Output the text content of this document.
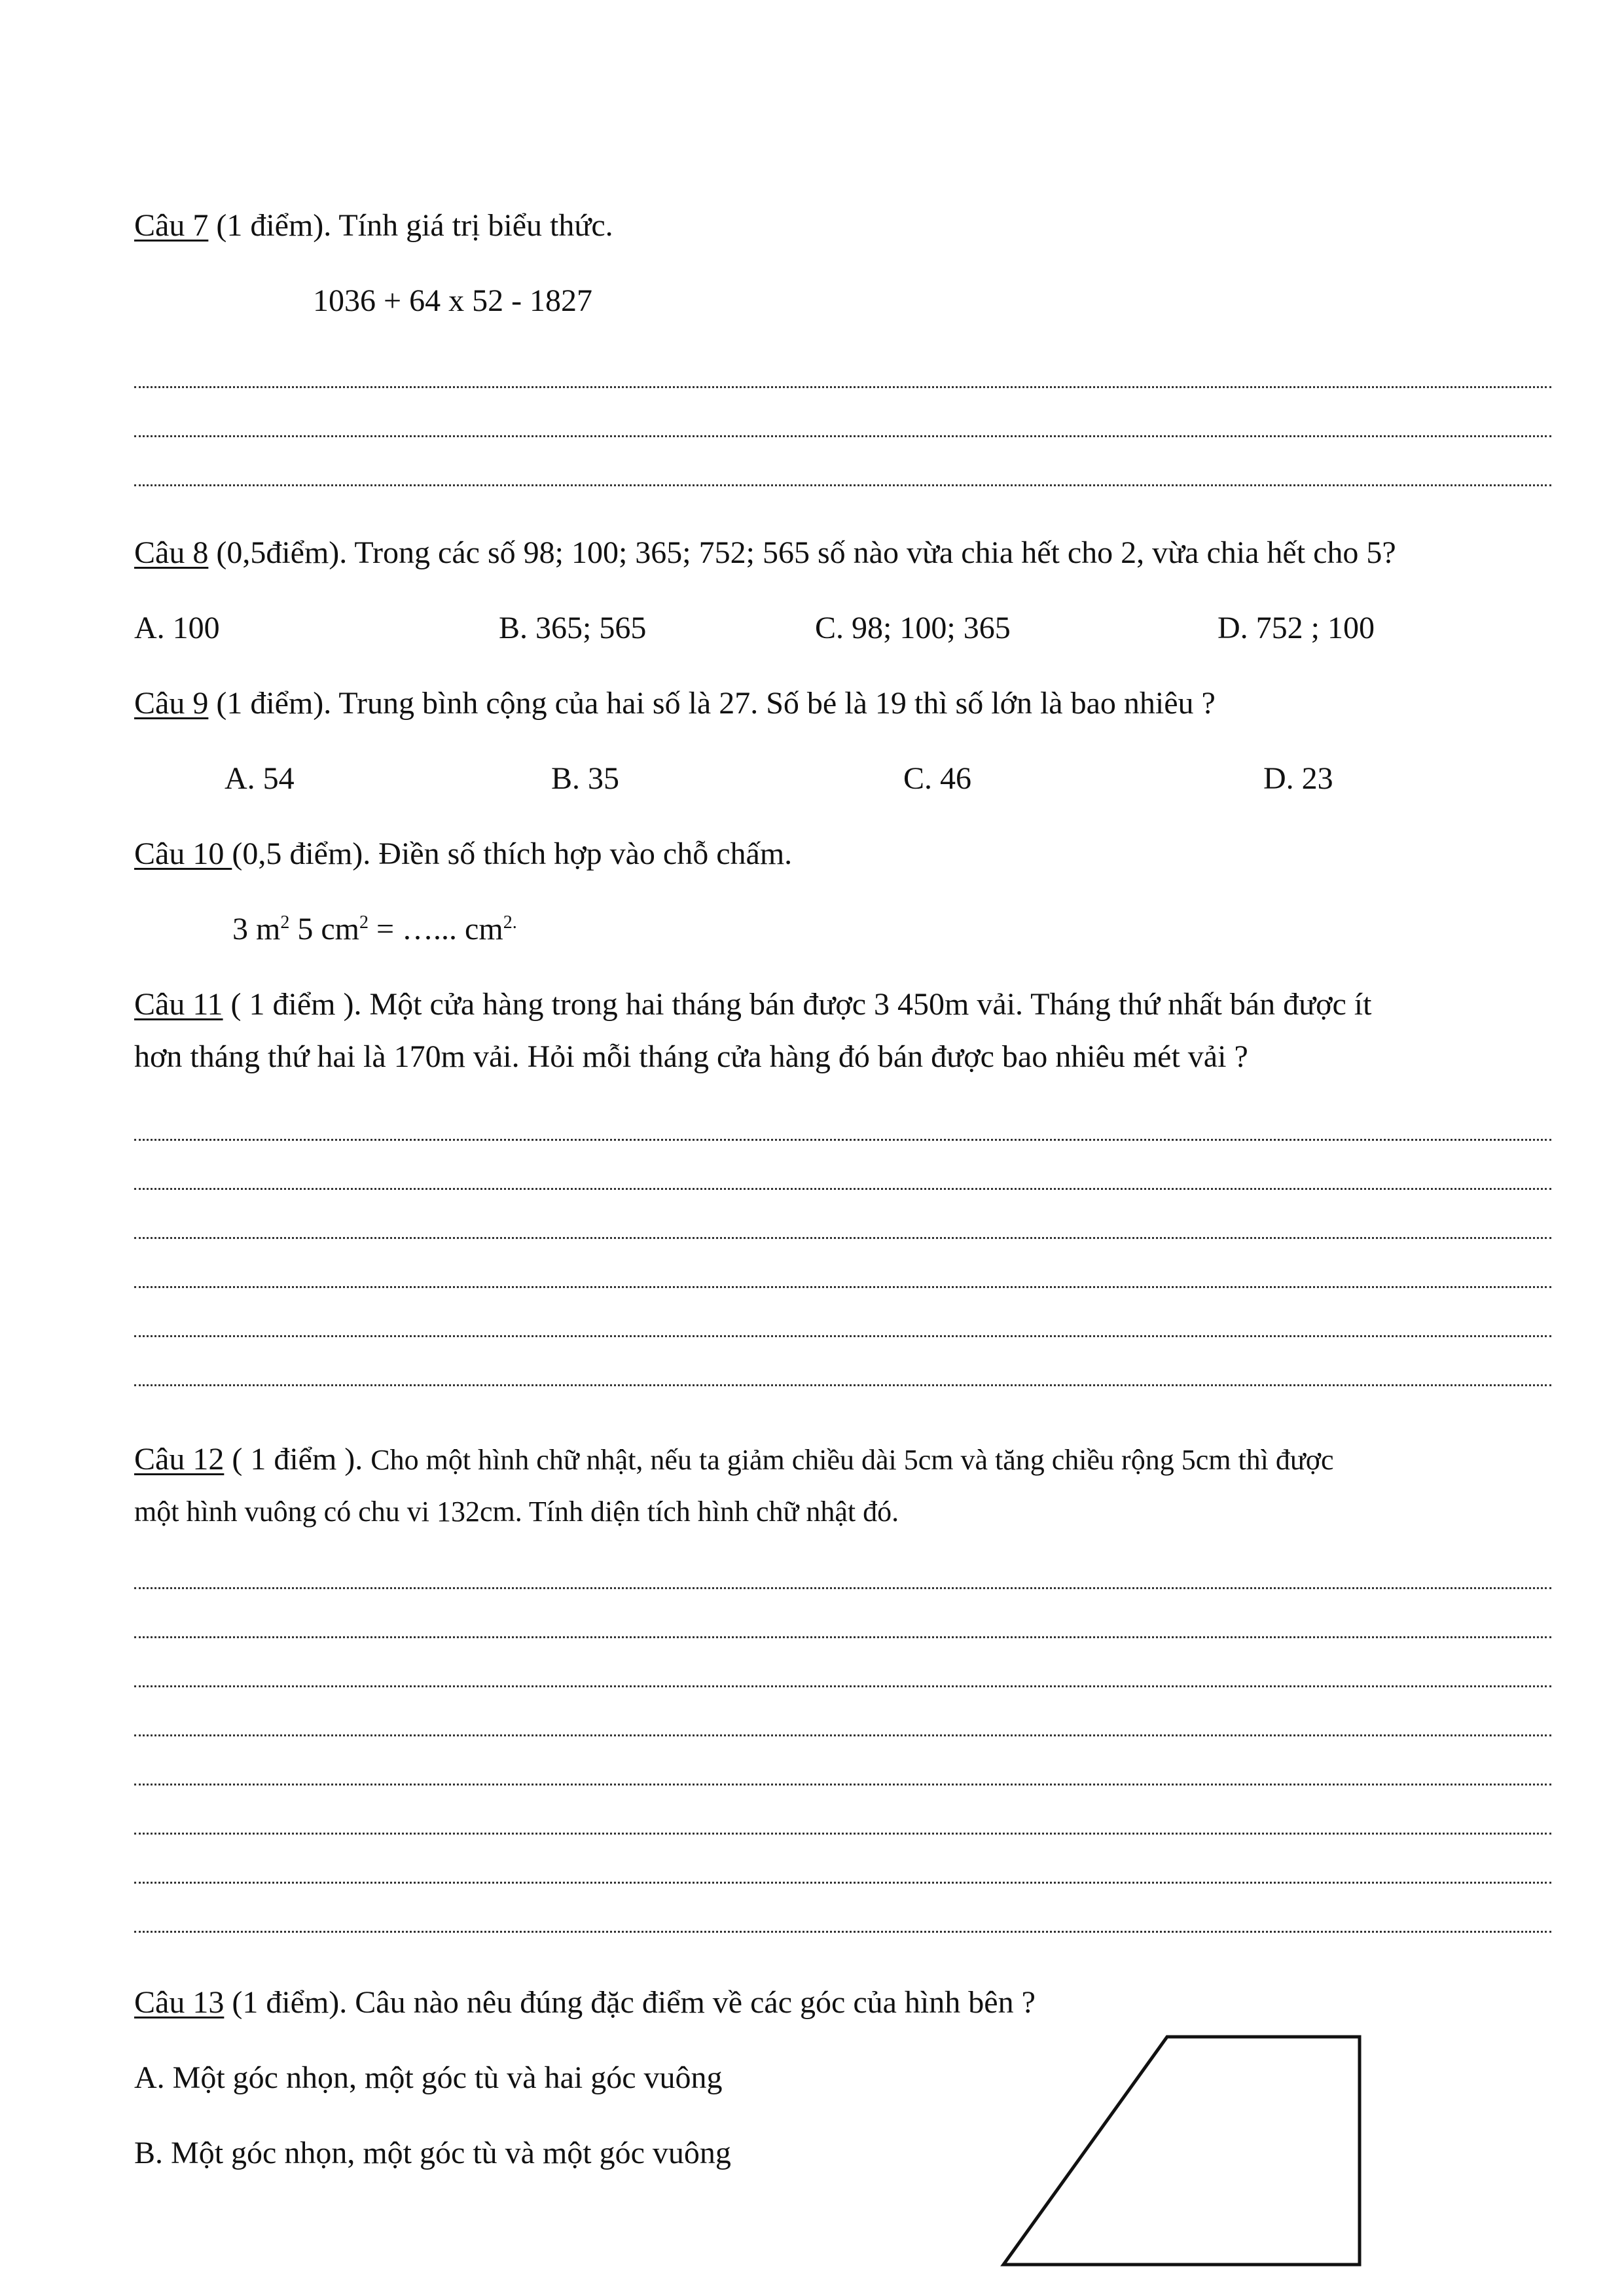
Câu 7 (1 điểm). Tính giá trị biểu thức.
1036 + 64 x 52 - 1827
Câu 8 (0,5điểm). Trong các số 98; 100; 365; 752; 565 số nào vừa chia hết cho 2, vừa chia hết cho 5?
A. 100	B. 365; 565	C. 98; 100; 365	D. 752 ; 100
Câu 9 (1 điểm). Trung bình cộng của hai số là 27. Số bé là 19 thì số lớn là bao nhiêu ?
A. 54	B. 35	C. 46	D. 23
Câu 10 (0,5 điểm). Điền số thích hợp vào chỗ chấm.
3 $m^2$ 5 $cm^2$ = …... $cm^{2.}$
Câu 11 ( 1 điểm ). Một cửa hàng trong hai tháng bán được 3 450m vải. Tháng thứ nhất bán được ít
hơn tháng thứ hai là 170m vải. Hỏi mỗi tháng cửa hàng đó bán được bao nhiêu mét vải ?
Câu 12 ( 1 điểm ). Cho một hình chữ nhật, nếu ta giảm chiều dài 5cm và tăng chiều rộng 5cm thì được
một hình vuông có chu vi 132cm. Tính diện tích hình chữ nhật đó.
Câu 13 (1 điểm). Câu nào nêu đúng đặc điểm về các góc của hình bên ?
A. Một góc nhọn, một góc tù và hai góc vuông
B. Một góc nhọn, một góc tù và một góc vuông
